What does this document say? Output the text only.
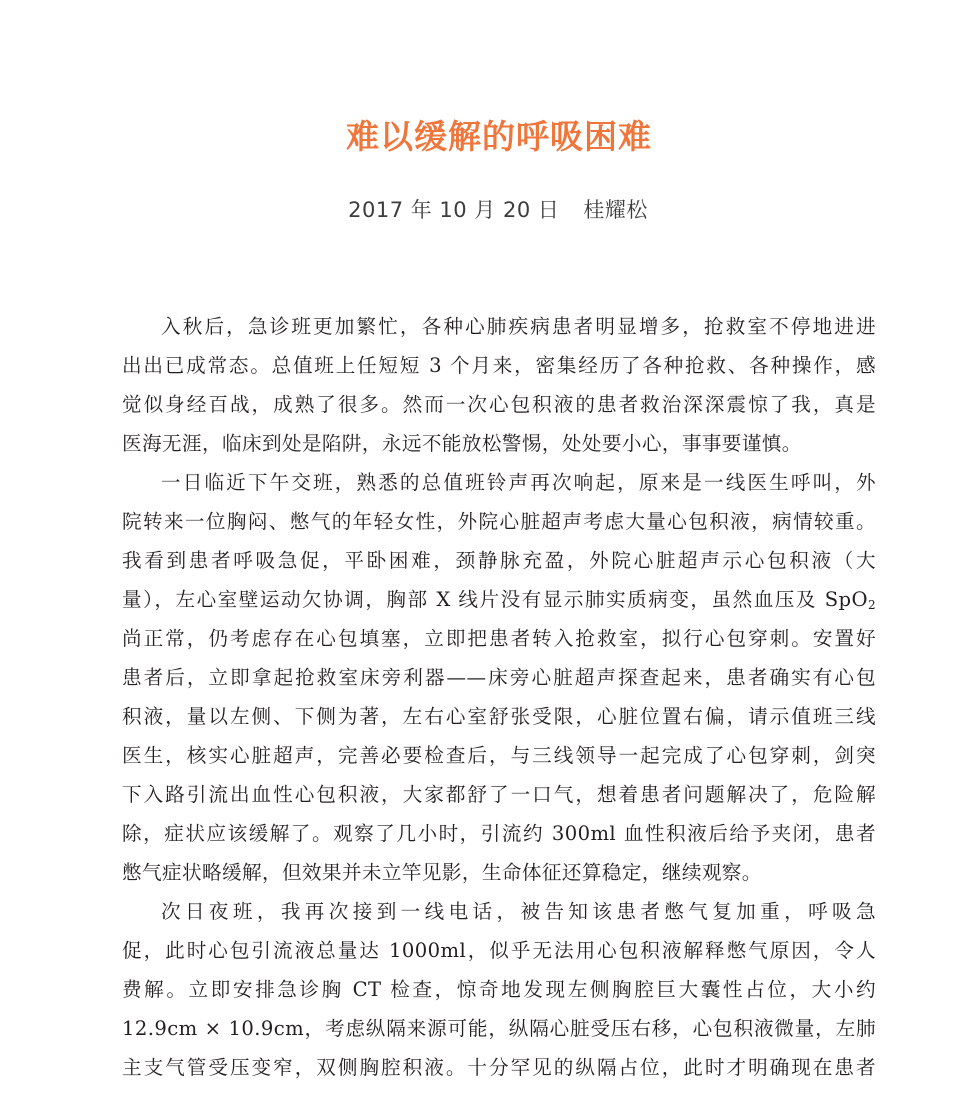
难以缓解的呼吸困难
2017 年 10 月 20 日 桂耀松
入秋后，急诊班更加繁忙，各种心肺疾病患者明显增多，抢救室不停地进进
出出已成常态。总值班上任短短 3 个月来，密集经历了各种抢救、各种操作，感
觉似身经百战，成熟了很多。然而一次心包积液的患者救治深深震惊了我，真是
医海无涯，临床到处是陷阱，永远不能放松警惕，处处要小心，事事要谨慎。
一日临近下午交班，熟悉的总值班铃声再次响起，原来是一线医生呼叫，外
院转来一位胸闷、憋气的年轻女性，外院心脏超声考虑大量心包积液，病情较重。
我看到患者呼吸急促，平卧困难，颈静脉充盈，外院心脏超声示心包积液（大
量），左心室壁运动欠协调，胸部 X 线片没有显示肺实质病变，虽然血压及 SpO$_2$
尚正常，仍考虑存在心包填塞，立即把患者转入抢救室，拟行心包穿刺。安置好
患者后，立即拿起抢救室床旁利器——床旁心脏超声探查起来，患者确实有心包
积液，量以左侧、下侧为著，左右心室舒张受限，心脏位置右偏，请示值班三线
医生，核实心脏超声，完善必要检查后，与三线领导一起完成了心包穿刺，剑突
下入路引流出血性心包积液，大家都舒了一口气，想着患者问题解决了，危险解
除，症状应该缓解了。观察了几小时，引流约 300ml 血性积液后给予夹闭，患者
憋气症状略缓解，但效果并未立竿见影，生命体征还算稳定，继续观察。
次日夜班，我再次接到一线电话，被告知该患者憋气复加重，呼吸急
促，此时心包引流液总量达 1000ml，似乎无法用心包积液解释憋气原因，令人
费解。立即安排急诊胸 CT 检查，惊奇地发现左侧胸腔巨大囊性占位，大小约
12.9cm × 10.9cm，考虑纵隔来源可能，纵隔心脏受压右移，心包积液微量，左肺
主支气管受压变窄，双侧胸腔积液。十分罕见的纵隔占位，此时才明确现在患者
